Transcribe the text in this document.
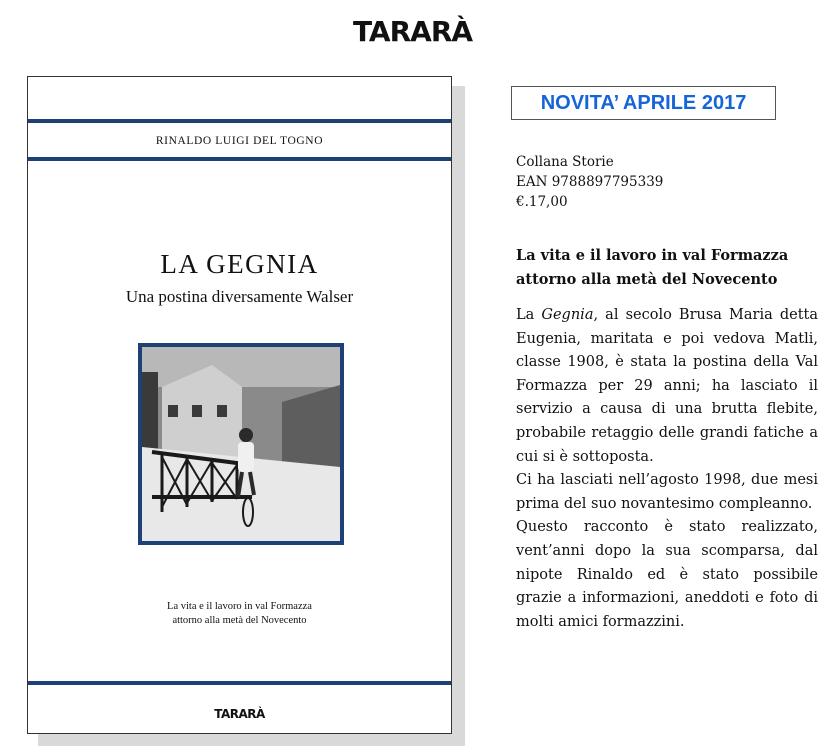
TARARÀ
RINALDO LUIGI DEL TOGNO
LA GEGNIA
Una postina diversamente Walser
La vita e il lavoro in val Formazza
attorno alla metà del Novecento
TARARÀ
NOVITA’ APRILE 2017
Collana Storie
EAN 9788897795339
€.17,00
La vita e il lavoro in val Formazza
attorno alla metà del Novecento

La Gegnia, al secolo Brusa Maria detta Eugenia, maritata e poi vedova Matli, classe 1908, è stata la postina della Val Formazza per 29 anni; ha lasciato il servizio a causa di una brutta flebite, probabile retaggio delle grandi fatiche a cui si è sottoposta.

Ci ha lasciati nell’agosto 1998, due mesi prima del suo novantesimo compleanno.

Questo racconto è stato realizzato, vent’anni dopo la sua scomparsa, dal nipote Rinaldo ed è stato possibile grazie a informazioni, aneddoti e foto di molti amici formazzini.
